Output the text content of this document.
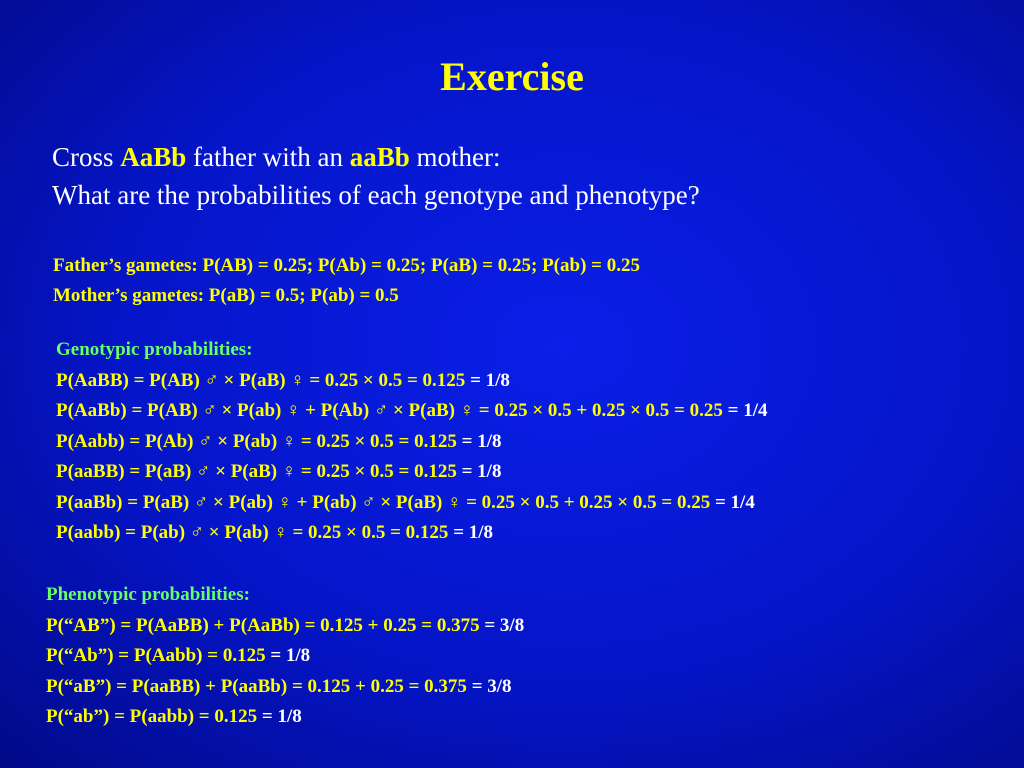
Exercise
Cross AaBb father with an aaBb mother:
What are the probabilities of each genotype and phenotype?
Father’s gametes: P(AB) = 0.25; P(Ab) = 0.25; P(aB) = 0.25; P(ab) = 0.25
Mother’s gametes: P(aB) = 0.5; P(ab) = 0.5
Genotypic probabilities:
P(AaBB) = P(AB) ♂ × P(aB) ♀ = 0.25 × 0.5 = 0.125 = 1/8
P(AaBb) = P(AB) ♂ × P(ab) ♀ + P(Ab) ♂ × P(aB) ♀ = 0.25 × 0.5 + 0.25 × 0.5 = 0.25 = 1/4
P(Aabb) = P(Ab) ♂ × P(ab) ♀ = 0.25 × 0.5 = 0.125 = 1/8
P(aaBB) = P(aB) ♂ × P(aB) ♀ = 0.25 × 0.5 = 0.125 = 1/8
P(aaBb) = P(aB) ♂ × P(ab) ♀ + P(ab) ♂ × P(aB) ♀ = 0.25 × 0.5 + 0.25 × 0.5 = 0.25 = 1/4
P(aabb) = P(ab) ♂ × P(ab) ♀ = 0.25 × 0.5 = 0.125 = 1/8
Phenotypic probabilities:
P(“AB”) = P(AaBB) + P(AaBb) = 0.125 + 0.25 = 0.375 = 3/8
P(“Ab”) = P(Aabb) = 0.125 = 1/8
P(“aB”) = P(aaBB) + P(aaBb) = 0.125 + 0.25 = 0.375 = 3/8
P(“ab”) = P(aabb) = 0.125 = 1/8
